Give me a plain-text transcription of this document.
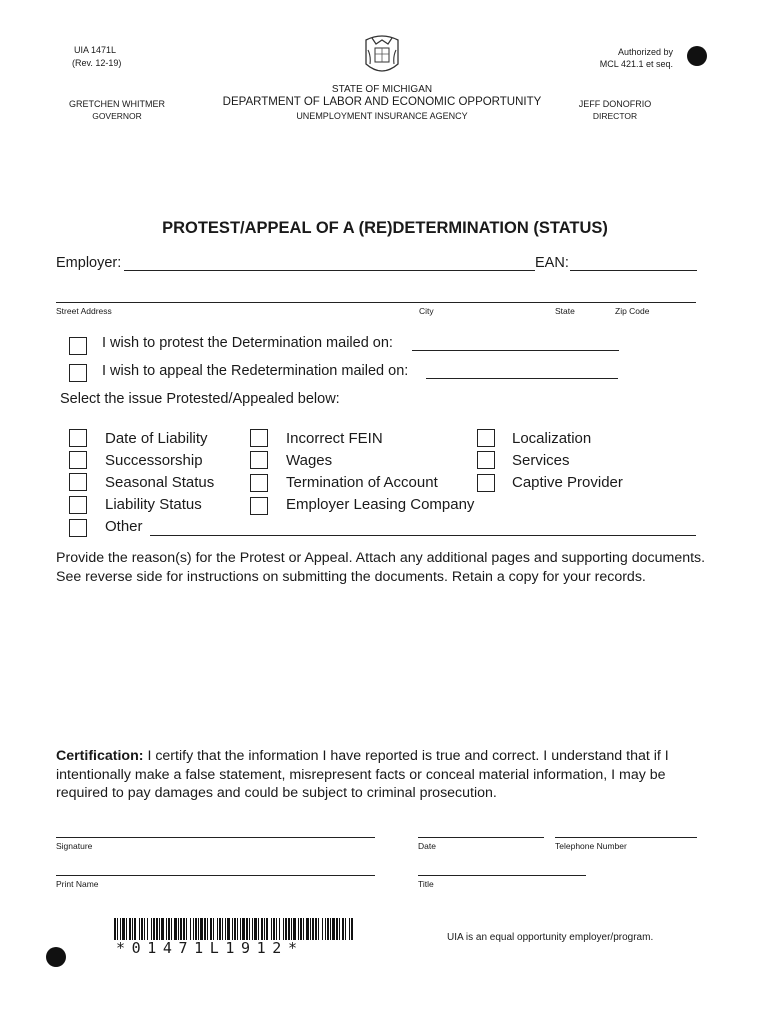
UIA 1471L
(Rev. 12-19)
Authorized by
MCL 421.1 et seq.
STATE OF MICHIGAN
DEPARTMENT OF LABOR AND ECONOMIC OPPORTUNITY
UNEMPLOYMENT INSURANCE AGENCY
GRETCHEN WHITMER
GOVERNOR
JEFF DONOFRIO
DIRECTOR
PROTEST/APPEAL OF A (RE)DETERMINATION (STATUS)
Employer:	EAN:
Street Address	City	State	Zip Code
I wish to protest the Determination mailed on:
I wish to appeal the Redetermination mailed on:
Select the issue Protested/Appealed below:
Date of Liability
Successorship
Seasonal Status
Liability Status
Other
Incorrect FEIN
Wages
Termination of Account
Employer Leasing Company
Localization
Services
Captive Provider
Provide the reason(s) for the Protest or Appeal. Attach any additional pages and supporting documents. See reverse side for instructions on submitting the documents. Retain a copy for your records.
Certification: I certify that the information I have reported is true and correct. I understand that if I intentionally make a false statement, misrepresent facts or conceal material information, I may be required to pay damages and could be subject to criminal prosecution.
Signature	Date	Telephone Number
Print Name	Title
*01471L1912*
UIA is an equal opportunity employer/program.
